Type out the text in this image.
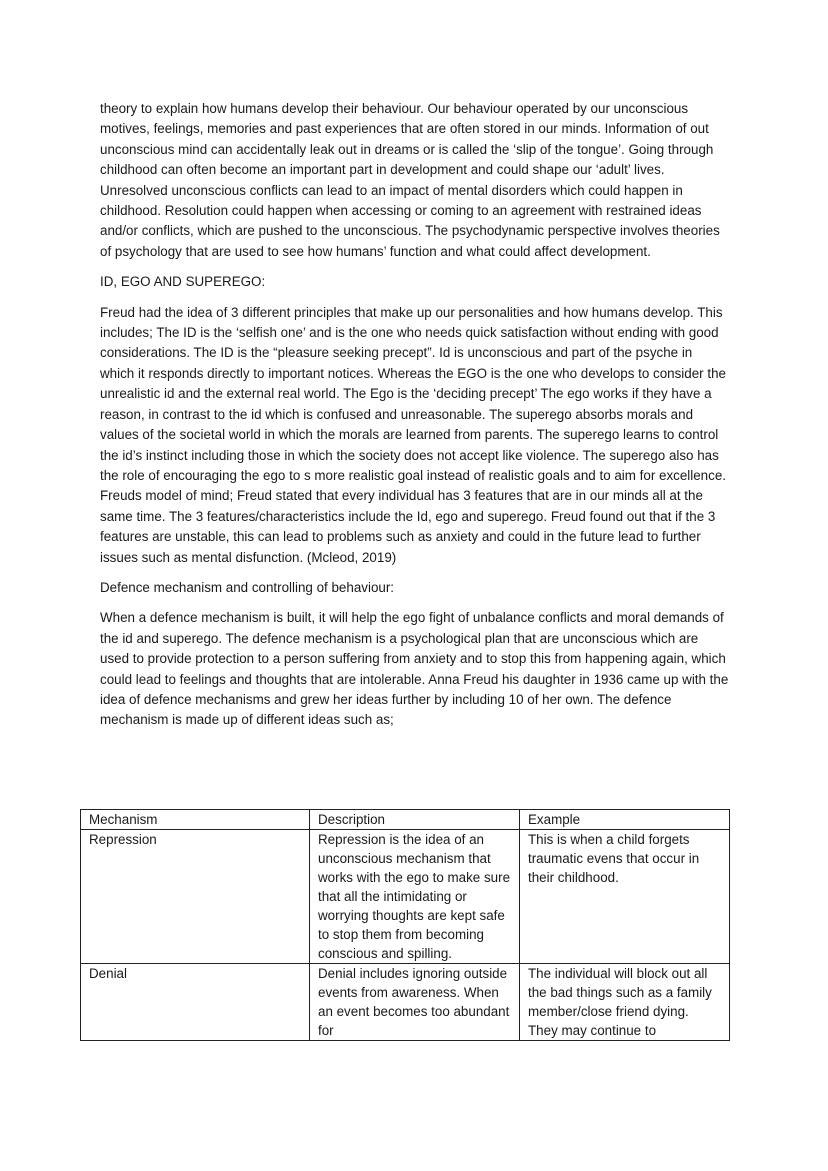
theory to explain how humans develop their behaviour. Our behaviour operated by our unconscious motives, feelings, memories and past experiences that are often stored in our minds. Information of out unconscious mind can accidentally leak out in dreams or is called the ‘slip of the tongue’. Going through childhood can often become an important part in development and could shape our ‘adult’ lives. Unresolved unconscious conflicts can lead to an impact of mental disorders which could happen in childhood. Resolution could happen when accessing or coming to an agreement with restrained ideas and/or conflicts, which are pushed to the unconscious. The psychodynamic perspective involves theories of psychology that are used to see how humans’ function and what could affect development.

ID, EGO AND SUPEREGO:

Freud had the idea of 3 different principles that make up our personalities and how humans develop. This includes; The ID is the ‘selfish one’ and is the one who needs quick satisfaction without ending with good considerations. The ID is the “pleasure seeking precept”. Id is unconscious and part of the psyche in which it responds directly to important notices. Whereas the EGO is the one who develops to consider the unrealistic id and the external real world. The Ego is the ‘deciding precept’ The ego works if they have a reason, in contrast to the id which is confused and unreasonable. The superego absorbs morals and values of the societal world in which the morals are learned from parents. The superego learns to control the id’s instinct including those in which the society does not accept like violence. The superego also has the role of encouraging the ego to s more realistic goal instead of realistic goals and to aim for excellence. Freuds model of mind; Freud stated that every individual has 3 features that are in our minds all at the same time. The 3 features/characteristics include the Id, ego and superego. Freud found out that if the 3 features are unstable, this can lead to problems such as anxiety and could in the future lead to further issues such as mental disfunction. (Mcleod, 2019)

Defence mechanism and controlling of behaviour:

When a defence mechanism is built, it will help the ego fight of unbalance conflicts and moral demands of the id and superego. The defence mechanism is a psychological plan that are unconscious which are used to provide protection to a person suffering from anxiety and to stop this from happening again, which could lead to feelings and thoughts that are intolerable. Anna Freud his daughter in 1936 came up with the idea of defence mechanisms and grew her ideas further by including 10 of her own. The defence mechanism is made up of different ideas such as;

Mechanism	Description	Example
Repression	Repression is the idea of an unconscious mechanism that works with the ego to make sure that all the intimidating or worrying thoughts are kept safe to stop them from becoming conscious and spilling.	This is when a child forgets traumatic evens that occur in their childhood.
Denial	Denial includes ignoring outside events from awareness. When an event becomes too abundant for	The individual will block out all the bad things such as a family member/close friend dying. They may continue to
